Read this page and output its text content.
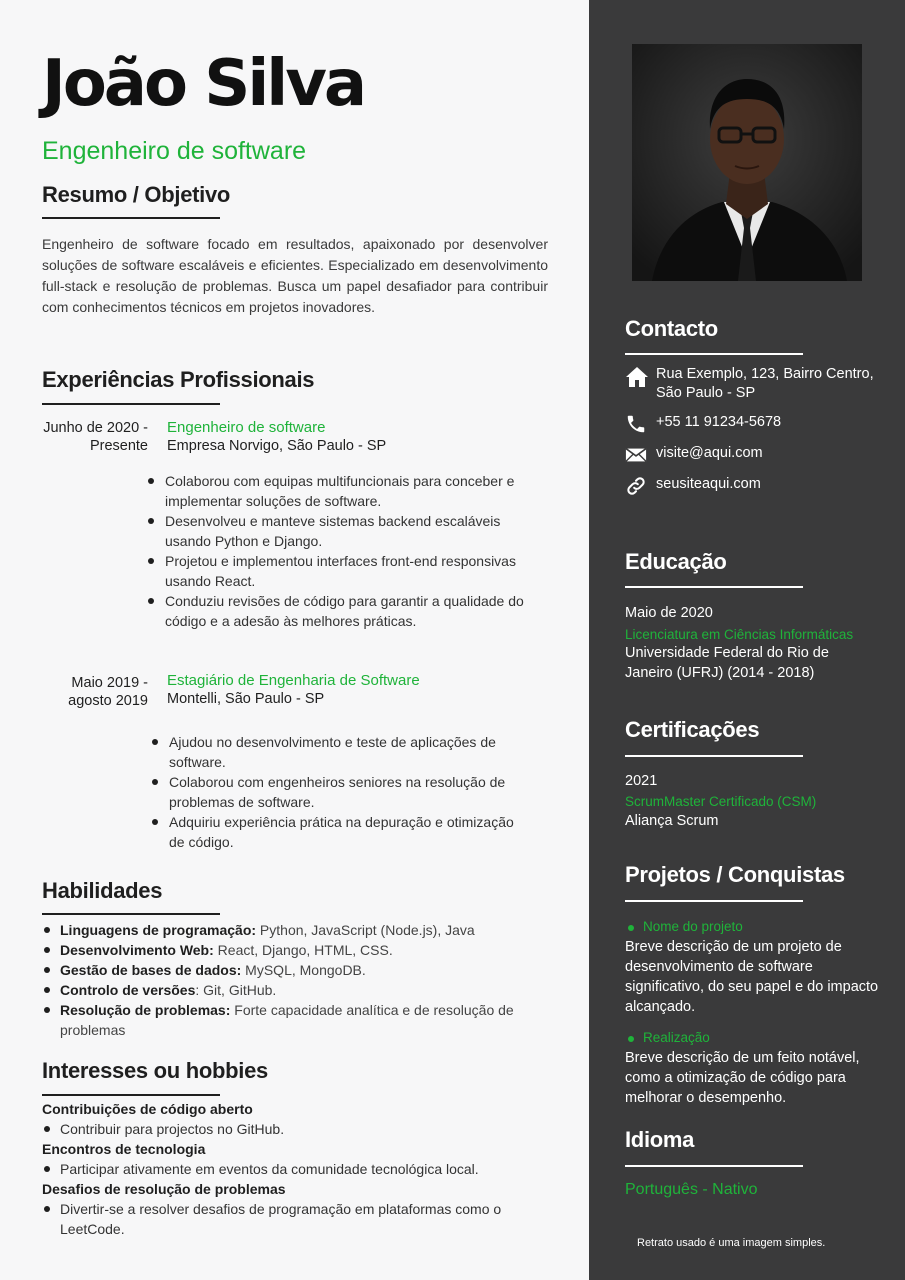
João Silva
Engenheiro de software
Resumo / Objetivo
Engenheiro de software focado em resultados, apaixonado por desenvolver soluções de software escaláveis e eficientes. Especializado em desenvolvimento full-stack e resolução de problemas. Busca um papel desafiador para contribuir com conhecimentos técnicos em projetos inovadores.
Experiências Profissionais
Junho de 2020 - Presente
Engenheiro de software
Empresa Norvigo, São Paulo - SP
Colaborou com equipas multifuncionais para conceber e implementar soluções de software.
Desenvolveu e manteve sistemas backend escaláveis usando Python e Django.
Projetou e implementou interfaces front-end responsivas usando React.
Conduziu revisões de código para garantir a qualidade do código e a adesão às melhores práticas.
Maio 2019 - agosto 2019
Estagiário de Engenharia de Software
Montelli, São Paulo - SP
Ajudou no desenvolvimento e teste de aplicações de software.
Colaborou com engenheiros seniores na resolução de problemas de software.
Adquiriu experiência prática na depuração e otimização de código.
Habilidades
Linguagens de programação: Python, JavaScript (Node.js), Java
Desenvolvimento Web: React, Django, HTML, CSS.
Gestão de bases de dados: MySQL, MongoDB.
Controlo de versões: Git, GitHub.
Resolução de problemas: Forte capacidade analítica e de resolução de problemas
Interesses ou hobbies
Contribuições de código aberto
Contribuir para projectos no GitHub.
Encontros de tecnologia
Participar ativamente em eventos da comunidade tecnológica local.
Desafios de resolução de problemas
Divertir-se a resolver desafios de programação em plataformas como o LeetCode.
Contacto
Rua Exemplo, 123, Bairro Centro, São Paulo - SP
+55 11 91234-5678
visite@aqui.com
seusiteaqui.com
Educação
Maio de 2020
Licenciatura em Ciências Informáticas
Universidade Federal do Rio de Janeiro (UFRJ) (2014 - 2018)
Certificações
2021
ScrumMaster Certificado (CSM)
Aliança Scrum
Projetos / Conquistas
Nome do projeto
Breve descrição de um projeto de desenvolvimento de software significativo, do seu papel e do impacto alcançado.
Realização
Breve descrição de um feito notável, como a otimização de código para melhorar o desempenho.
Idioma
Português - Nativo
Retrato usado é uma imagem simples.
